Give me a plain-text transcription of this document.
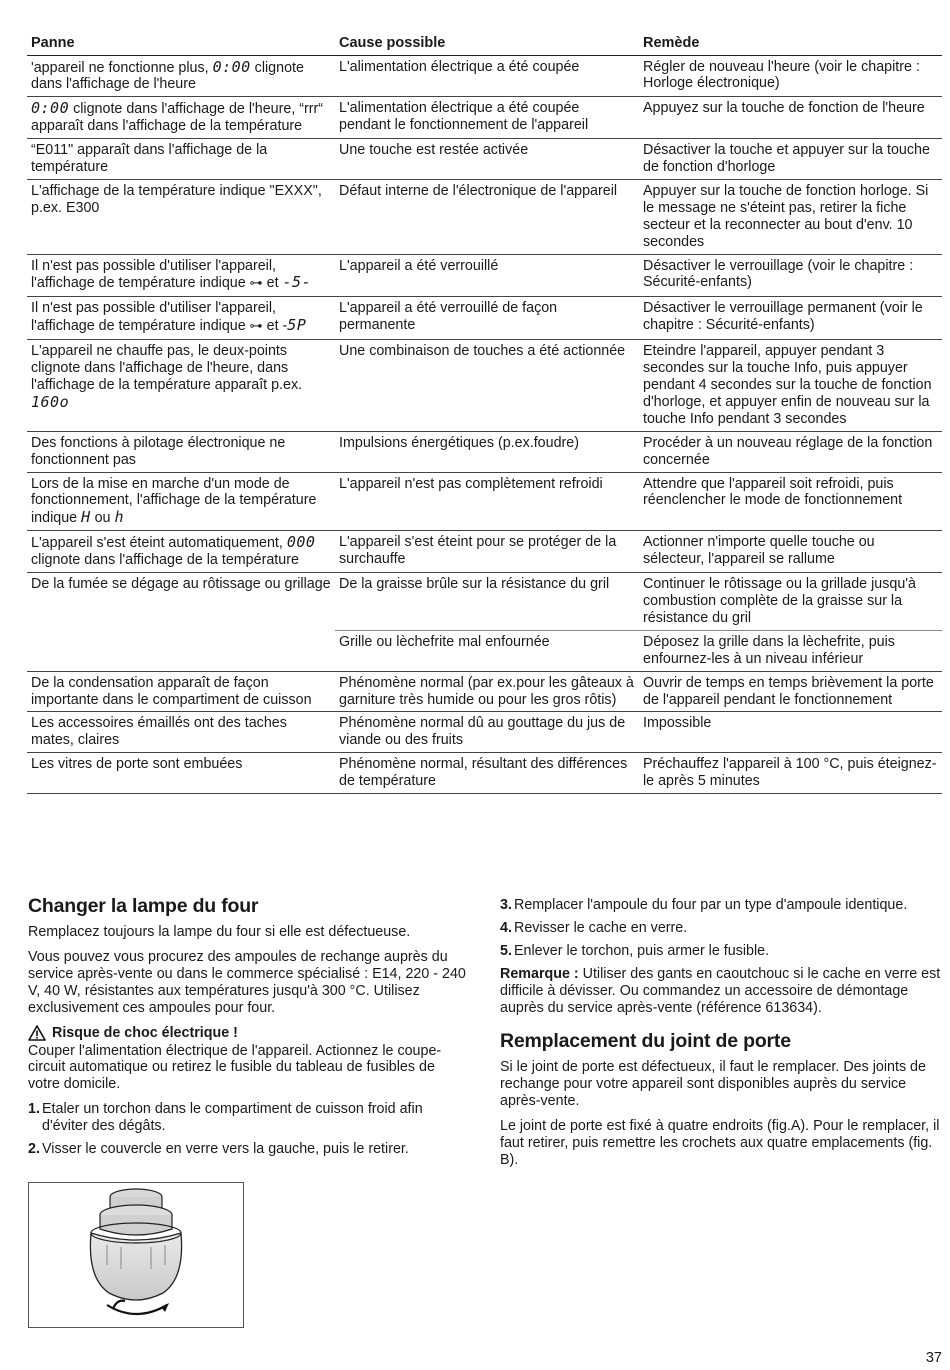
Panne	Cause possible	Remède
'appareil ne fonctionne plus, 0:00 clignote dans l'affichage de l'heure	L'alimentation électrique a été coupée	Régler de nouveau l'heure (voir le chapitre : Horloge électronique)
0:00 clignote dans l'affichage de l'heure, “rrr“ apparaît dans l'affichage de la température	L'alimentation électrique a été coupée pendant le fonctionnement de l'appareil	Appuyez sur la touche de fonction de l'heure
“E011" apparaît dans l'affichage de la température	Une touche est restée activée	Désactiver la touche et appuyer sur la touche de fonction d'horloge
L'affichage de la température indique "EXXX", p.ex. E300	Défaut interne de l'électronique de l'appareil	Appuyer sur la touche de fonction horloge. Si le message ne s'éteint pas, retirer la fiche secteur et la reconnecter au bout d'env. 10 secondes
Il n'est pas possible d'utiliser l'appareil, l'affichage de température indique ⊶ et -5-	L'appareil a été verrouillé	Désactiver le verrouillage (voir le chapitre : Sécurité-enfants)
Il n'est pas possible d'utiliser l'appareil, l'affichage de température indique ⊶ et -5P	L'appareil a été verrouillé de façon permanente	Désactiver le verrouillage permanent (voir le chapitre : Sécurité-enfants)
L'appareil ne chauffe pas, le deux-points clignote dans l'affichage de l'heure, dans l'affichage de la température apparaît p.ex. 160o	Une combinaison de touches a été actionnée	Eteindre l'appareil, appuyer pendant 3 secondes sur la touche Info, puis appuyer pendant 4 secondes sur la touche de fonction d'horloge, et appuyer enfin de nouveau sur la touche Info pendant 3 secondes
Des fonctions à pilotage électronique ne fonctionnent pas	Impulsions énergétiques (p.ex.foudre)	Procéder à un nouveau réglage de la fonction concernée
Lors de la mise en marche d'un mode de fonctionnement, l'affichage de la température indique H ou h	L'appareil n'est pas complètement refroidi	Attendre que l'appareil soit refroidi, puis réenclencher le mode de fonctionnement
L'appareil s'est éteint automatiquement, 000 clignote dans l'affichage de la température	L'appareil s'est éteint pour se protéger de la surchauffe	Actionner n'importe quelle touche ou sélecteur, l'appareil se rallume
De la fumée se dégage au rôtissage ou grillage	De la graisse brûle sur la résistance du gril	Continuer le rôtissage ou la grillade jusqu'à combustion complète de la graisse sur la résistance du gril
	Grille ou lèchefrite mal enfournée	Déposez la grille dans la lèchefrite, puis enfournez-les à un niveau inférieur
De la condensation apparaît de façon importante dans le compartiment de cuisson	Phénomène normal (par ex.pour les gâteaux à garniture très humide ou pour les gros rôtis)	Ouvrir de temps en temps brièvement la porte de l'appareil pendant le fonctionnement
Les accessoires émaillés ont des taches mates, claires	Phénomène normal dû au gouttage du jus de viande ou des fruits	Impossible
Les vitres de porte sont embuées	Phénomène normal, résultant des différences de température	Préchauffez l'appareil à 100 °C, puis éteignez-le après 5 minutes
Changer la lampe du four

Remplacez toujours la lampe du four si elle est défectueuse.

Vous pouvez vous procurez des ampoules de rechange auprès du service après-vente ou dans le commerce spécialisé : E14, 220 - 240 V, 40 W, résistantes aux températures jusqu'à 300 °C. Utilisez exclusivement ces ampoules pour four.

Risque de choc électrique !

Couper l'alimentation électrique de l'appareil. Actionnez le coupe-circuit automatique ou retirez le fusible du tableau de fusibles de votre domicile.

1. Etaler un torchon dans le compartiment de cuisson froid afin d'éviter des dégâts.
2. Visser le couvercle en verre vers la gauche, puis le retirer.
3. Remplacer l'ampoule du four par un type d'ampoule identique.
4. Revisser le cache en verre.
5. Enlever le torchon, puis armer le fusible.

Remarque : Utiliser des gants en caoutchouc si le cache en verre est difficile à dévisser. Ou commandez un accessoire de démontage auprès du service après-vente (référence 613634).

Remplacement du joint de porte

Si le joint de porte est défectueux, il faut le remplacer. Des joints de rechange pour votre appareil sont disponibles auprès du service après-vente.

Le joint de porte est fixé à quatre endroits (fig.A). Pour le remplacer, il faut retirer, puis remettre les crochets aux quatre emplacements (fig. B).

37
